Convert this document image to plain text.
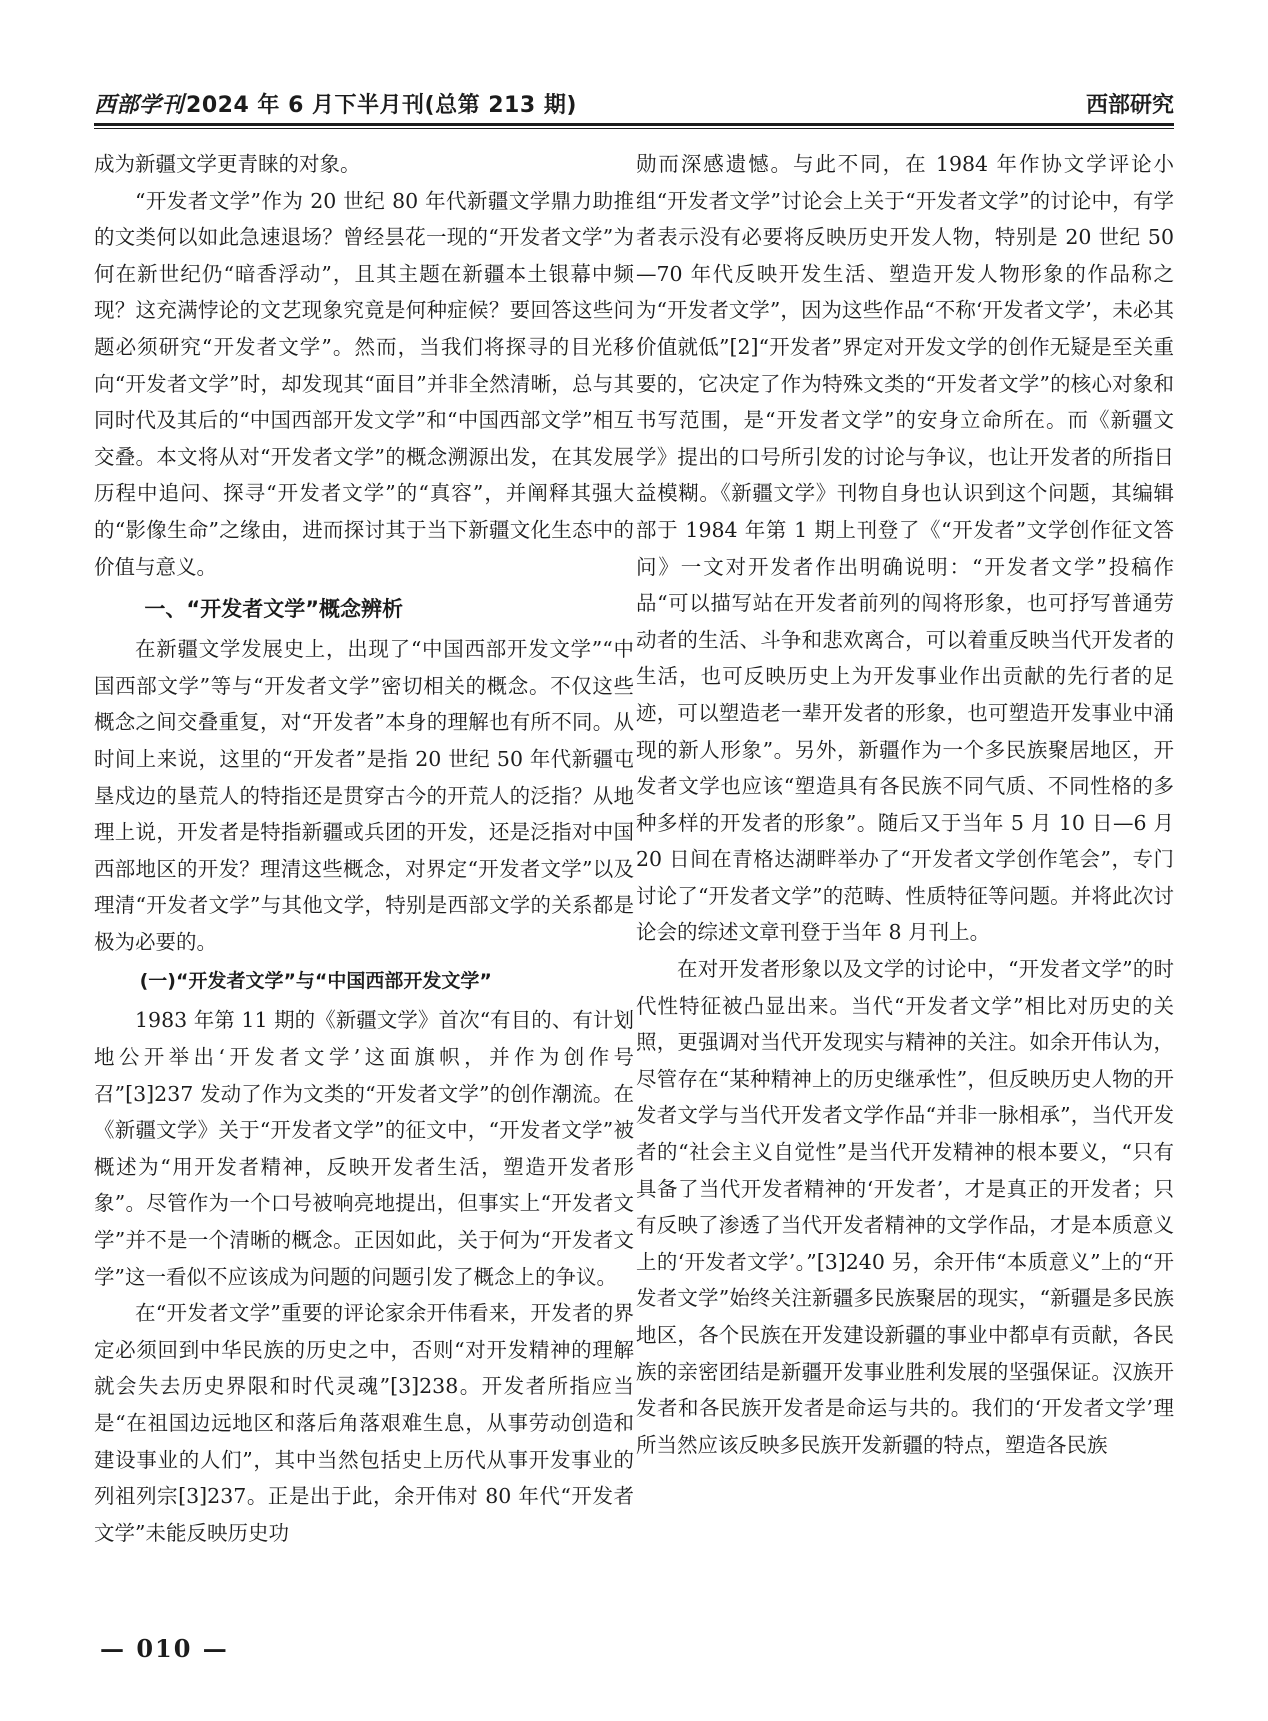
西部学刊2024 年 6 月下半月刊(总第 213 期)	西部研究

成为新疆文学更青睐的对象。

“开发者文学”作为 20 世纪 80 年代新疆文学鼎力助推的文类何以如此急速退场？曾经昙花一现的“开发者文学”为何在新世纪仍“暗香浮动”，且其主题在新疆本土银幕中频现？这充满悖论的文艺现象究竟是何种症候？要回答这些问题必须研究“开发者文学”。然而，当我们将探寻的目光移向“开发者文学”时，却发现其“面目”并非全然清晰，总与其同时代及其后的“中国西部开发文学”和“中国西部文学”相互交叠。本文将从对“开发者文学”的概念溯源出发，在其发展历程中追问、探寻“开发者文学”的“真容”，并阐释其强大的“影像生命”之缘由，进而探讨其于当下新疆文化生态中的价值与意义。

一、“开发者文学”概念辨析

在新疆文学发展史上，出现了“中国西部开发文学”“中国西部文学”等与“开发者文学”密切相关的概念。不仅这些概念之间交叠重复，对“开发者”本身的理解也有所不同。从时间上来说，这里的“开发者”是指 20 世纪 50 年代新疆屯垦戍边的垦荒人的特指还是贯穿古今的开荒人的泛指？从地理上说，开发者是特指新疆或兵团的开发，还是泛指对中国西部地区的开发？理清这些概念，对界定“开发者文学”以及理清“开发者文学”与其他文学，特别是西部文学的关系都是极为必要的。

(一)“开发者文学”与“中国西部开发文学”

1983 年第 11 期的《新疆文学》首次“有目的、有计划地公开举出‘开发者文学’这面旗帜，并作为创作号召”[3]237 发动了作为文类的“开发者文学”的创作潮流。在《新疆文学》关于“开发者文学”的征文中，“开发者文学”被概述为“用开发者精神，反映开发者生活，塑造开发者形象”。尽管作为一个口号被响亮地提出，但事实上“开发者文学”并不是一个清晰的概念。正因如此，关于何为“开发者文学”这一看似不应该成为问题的问题引发了概念上的争议。

在“开发者文学”重要的评论家余开伟看来，开发者的界定必须回到中华民族的历史之中，否则“对开发精神的理解就会失去历史界限和时代灵魂”[3]238。开发者所指应当是“在祖国边远地区和落后角落艰难生息，从事劳动创造和建设事业的人们”，其中当然包括史上历代从事开发事业的列祖列宗[3]237。正是出于此，余开伟对 80 年代“开发者文学”未能反映历史功

勋而深感遗憾。与此不同，在 1984 年作协文学评论小组“开发者文学”讨论会上关于“开发者文学”的讨论中，有学者表示没有必要将反映历史开发人物，特别是 20 世纪 50—70 年代反映开发生活、塑造开发人物形象的作品称之为“开发者文学”，因为这些作品“不称‘开发者文学’，未必其价值就低”[2]“开发者”界定对开发文学的创作无疑是至关重要的，它决定了作为特殊文类的“开发者文学”的核心对象和书写范围，是“开发者文学”的安身立命所在。而《新疆文学》提出的口号所引发的讨论与争议，也让开发者的所指日益模糊。《新疆文学》刊物自身也认识到这个问题，其编辑部于 1984 年第 1 期上刊登了《“开发者”文学创作征文答问》一文对开发者作出明确说明：“开发者文学”投稿作品“可以描写站在开发者前列的闯将形象，也可抒写普通劳动者的生活、斗争和悲欢离合，可以着重反映当代开发者的生活，也可反映历史上为开发事业作出贡献的先行者的足迹，可以塑造老一辈开发者的形象，也可塑造开发事业中涌现的新人形象”。另外，新疆作为一个多民族聚居地区，开发者文学也应该“塑造具有各民族不同气质、不同性格的多种多样的开发者的形象”。随后又于当年 5 月 10 日—6 月 20 日间在青格达湖畔举办了“开发者文学创作笔会”，专门讨论了“开发者文学”的范畴、性质特征等问题。并将此次讨论会的综述文章刊登于当年 8 月刊上。

在对开发者形象以及文学的讨论中，“开发者文学”的时代性特征被凸显出来。当代“开发者文学”相比对历史的关照，更强调对当代开发现实与精神的关注。如余开伟认为，尽管存在“某种精神上的历史继承性”，但反映历史人物的开发者文学与当代开发者文学作品“并非一脉相承”，当代开发者的“社会主义自觉性”是当代开发精神的根本要义，“只有具备了当代开发者精神的‘开发者’，才是真正的开发者；只有反映了渗透了当代开发者精神的文学作品，才是本质意义上的‘开发者文学’。”[3]240 另，余开伟“本质意义”上的“开发者文学”始终关注新疆多民族聚居的现实，“新疆是多民族地区，各个民族在开发建设新疆的事业中都卓有贡献，各民族的亲密团结是新疆开发事业胜利发展的坚强保证。汉族开发者和各民族开发者是命运与共的。我们的‘开发者文学’理所当然应该反映多民族开发新疆的特点，塑造各民族

— 010 —
